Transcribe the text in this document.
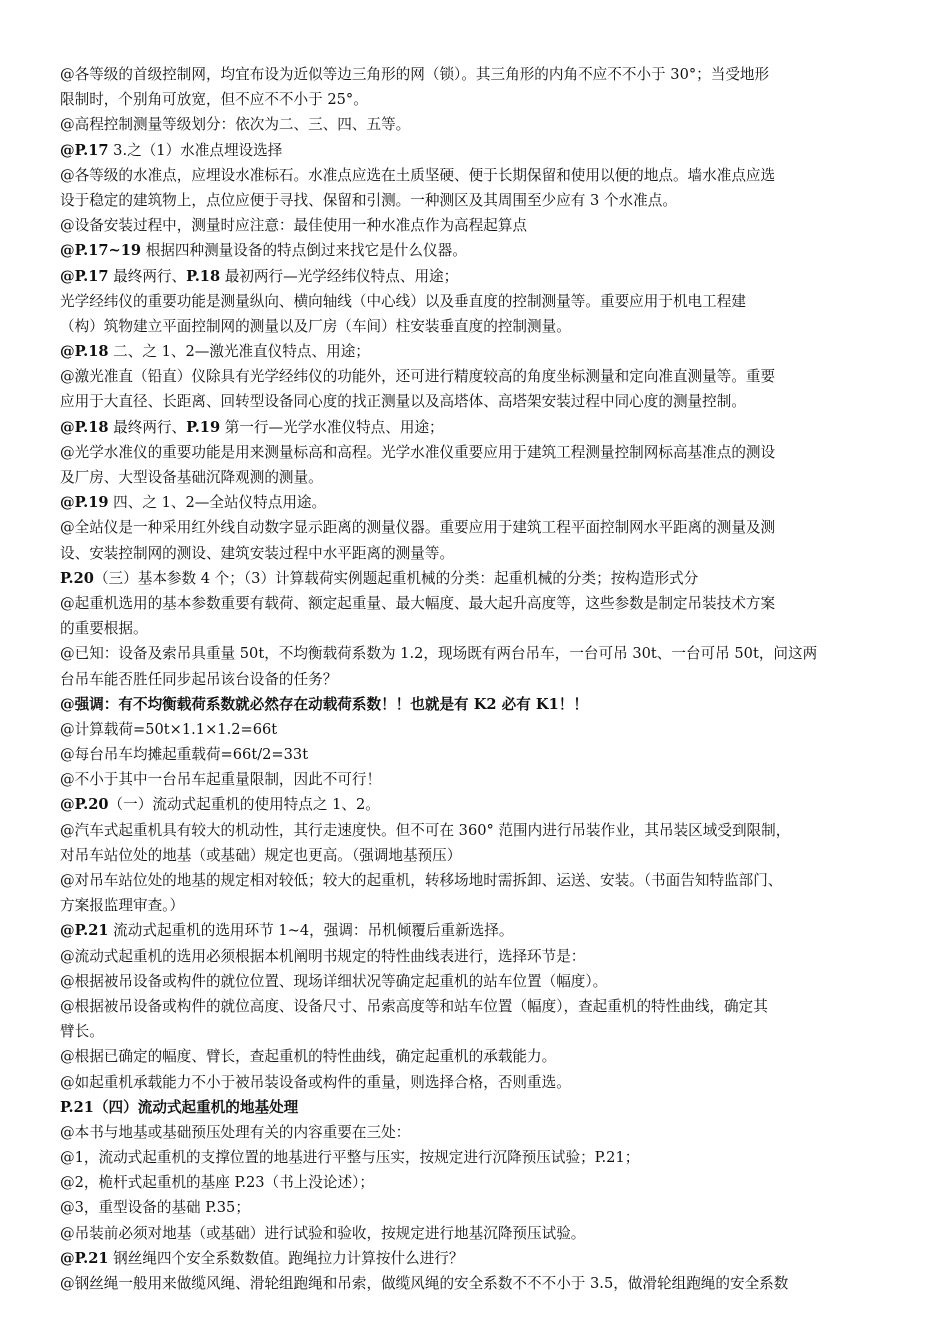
@各等级的首级控制网，均宜布设为近似等边三角形的网（锁）。其三角形的内角不应不不小于 30°；当受地形
限制时，个别角可放宽，但不应不不小于 25°。
@高程控制测量等级划分：依次为二、三、四、五等。
@P.17 3.之（1）水准点埋设选择
@各等级的水准点，应埋设水准标石。水准点应选在土质坚硬、便于长期保留和使用以便的地点。墙水准点应选
设于稳定的建筑物上，点位应便于寻找、保留和引测。一种测区及其周围至少应有 3 个水准点。
@设备安装过程中，测量时应注意：最佳使用一种水准点作为高程起算点
@P.17~19 根据四种测量设备的特点倒过来找它是什么仪器。
@P.17 最终两行、P.18 最初两行—光学经纬仪特点、用途；
光学经纬仪的重要功能是测量纵向、横向轴线（中心线）以及垂直度的控制测量等。重要应用于机电工程建
（构）筑物建立平面控制网的测量以及厂房（车间）柱安装垂直度的控制测量。
@P.18 二、之 1、2—激光准直仪特点、用途；
@激光准直（铅直）仪除具有光学经纬仪的功能外，还可进行精度较高的角度坐标测量和定向准直测量等。重要
应用于大直径、长距离、回转型设备同心度的找正测量以及高塔体、高塔架安装过程中同心度的测量控制。
@P.18 最终两行、P.19 第一行—光学水准仪特点、用途；
@光学水准仪的重要功能是用来测量标高和高程。光学水准仪重要应用于建筑工程测量控制网标高基准点的测设
及厂房、大型设备基础沉降观测的测量。
@P.19 四、之 1、2—全站仪特点用途。
@全站仪是一种采用红外线自动数字显示距离的测量仪器。重要应用于建筑工程平面控制网水平距离的测量及测
设、安装控制网的测设、建筑安装过程中水平距离的测量等。
P.20（三）基本参数 4 个；（3）计算载荷实例题起重机械的分类：起重机械的分类；按构造形式分
@起重机选用的基本参数重要有载荷、额定起重量、最大幅度、最大起升高度等，这些参数是制定吊装技术方案
的重要根据。
@已知：设备及索吊具重量 50t，不均衡载荷系数为 1.2，现场既有两台吊车，一台可吊 30t、一台可吊 50t，问这两
台吊车能否胜任同步起吊该台设备的任务？
@强调：有不均衡载荷系数就必然存在动载荷系数！！也就是有 K2 必有 K1！！
@计算载荷=50t×1.1×1.2=66t
@每台吊车均摊起重载荷=66t/2=33t
@不小于其中一台吊车起重量限制，因此不可行！
@P.20（一）流动式起重机的使用特点之 1、2。
@汽车式起重机具有较大的机动性，其行走速度快。但不可在 360° 范围内进行吊装作业，其吊装区域受到限制，
对吊车站位处的地基（或基础）规定也更高。（强调地基预压）
@对吊车站位处的地基的规定相对较低；较大的起重机，转移场地时需拆卸、运送、安装。（书面告知特监部门、
方案报监理审查。）
@P.21 流动式起重机的选用环节 1~4，强调：吊机倾覆后重新选择。
@流动式起重机的选用必须根据本机阐明书规定的特性曲线表进行，选择环节是：
@根据被吊设备或构件的就位位置、现场详细状况等确定起重机的站车位置（幅度）。
@根据被吊设备或构件的就位高度、设备尺寸、吊索高度等和站车位置（幅度），查起重机的特性曲线，确定其
臂长。
@根据已确定的幅度、臂长，查起重机的特性曲线，确定起重机的承载能力。
@如起重机承载能力不小于被吊装设备或构件的重量，则选择合格，否则重选。
P.21（四）流动式起重机的地基处理
@本书与地基或基础预压处理有关的内容重要在三处：
@1，流动式起重机的支撑位置的地基进行平整与压实，按规定进行沉降预压试验；P.21；
@2，桅杆式起重机的基座 P.23（书上没论述）；
@3，重型设备的基础 P.35；
@吊装前必须对地基（或基础）进行试验和验收，按规定进行地基沉降预压试验。
@P.21 钢丝绳四个安全系数数值。跑绳拉力计算按什么进行？
@钢丝绳一般用来做缆风绳、滑轮组跑绳和吊索，做缆风绳的安全系数不不不小于 3.5，做滑轮组跑绳的安全系数
